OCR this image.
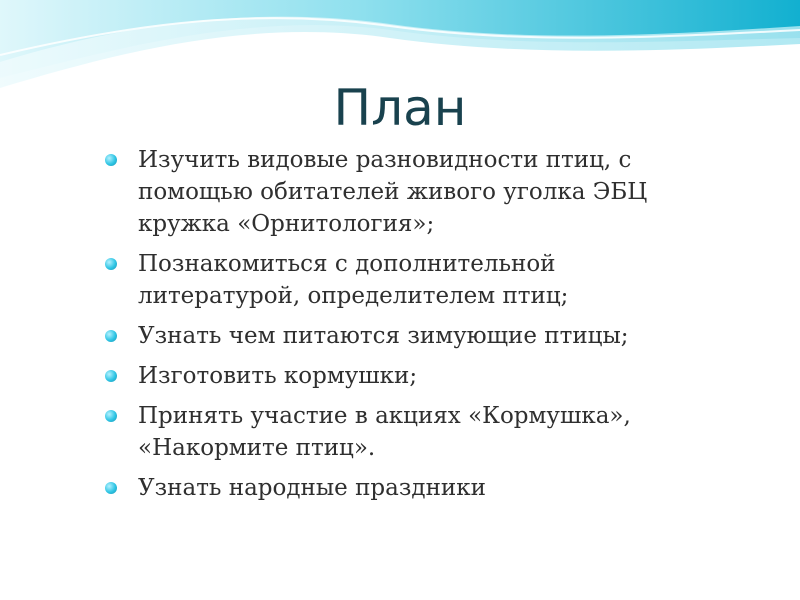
План
Изучить видовые разновидности птиц, с помощью обитателей живого уголка ЭБЦ кружка «Орнитология»;
Познакомиться с дополнительной литературой, определителем птиц;
Узнать чем питаются зимующие птицы;
Изготовить кормушки;
Принять участие в акциях «Кормушка», «Накормите птиц».
Узнать народные праздники
